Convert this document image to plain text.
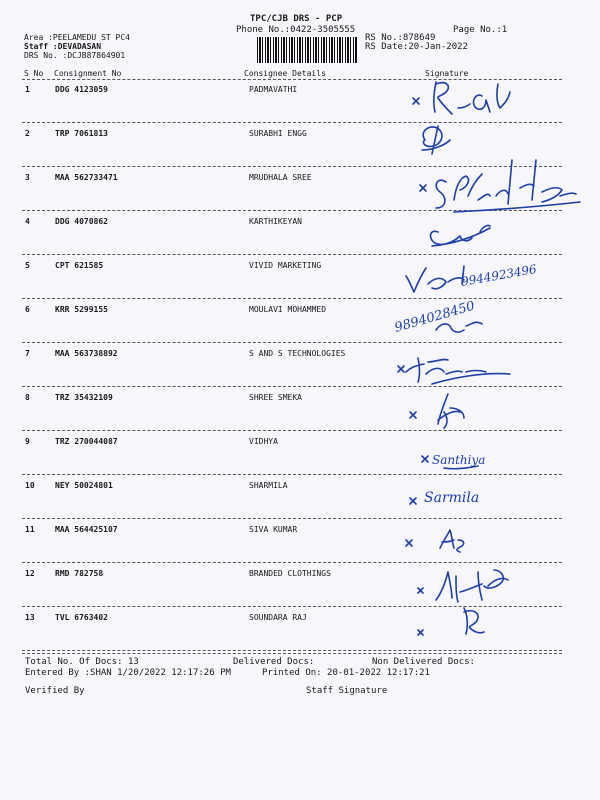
TPC/CJB DRS - PCP
Phone No.:0422-3505555	Page No.:1
Area :PEELAMEDU ST PC4
Staff :DEVADASAN
DRS No. :DCJB87864901
RS No.:878649
RS Date:20-Jan-2022
S No Consignment No	Consignee Details	Signature
1	DDG 4123059	PADMAVATHI
2	TRP 7061813	SURABHI ENGG
3	MAA 562733471	MRUDHALA SREE
4	DDG 4070862	KARTHIKEYAN
5	CPT 621585	VIVID MARKETING
6	KRR 5299155	MOULAVI MOHAMMED
7	MAA 563738892	S AND S TECHNOLOGIES
8	TRZ 35432109	SHREE SMEKA
9	TRZ 270044087	VIDHYA
10	NEY 50024801	SHARMILA
11	MAA 564425107	SIVA KUMAR
12	RMD 782758	BRANDED CLOTHINGS
13	TVL 6763402	SOUNDARA RAJ
9944923496
9894028450
Santhiya
Sarmila
Total No. Of Docs: 13	Delivered Docs:	Non Delivered Docs:
Entered By :SHAN 1/20/2022 12:17:26 PM	Printed On: 20-01-2022 12:17:21
Verified By	Staff Signature
